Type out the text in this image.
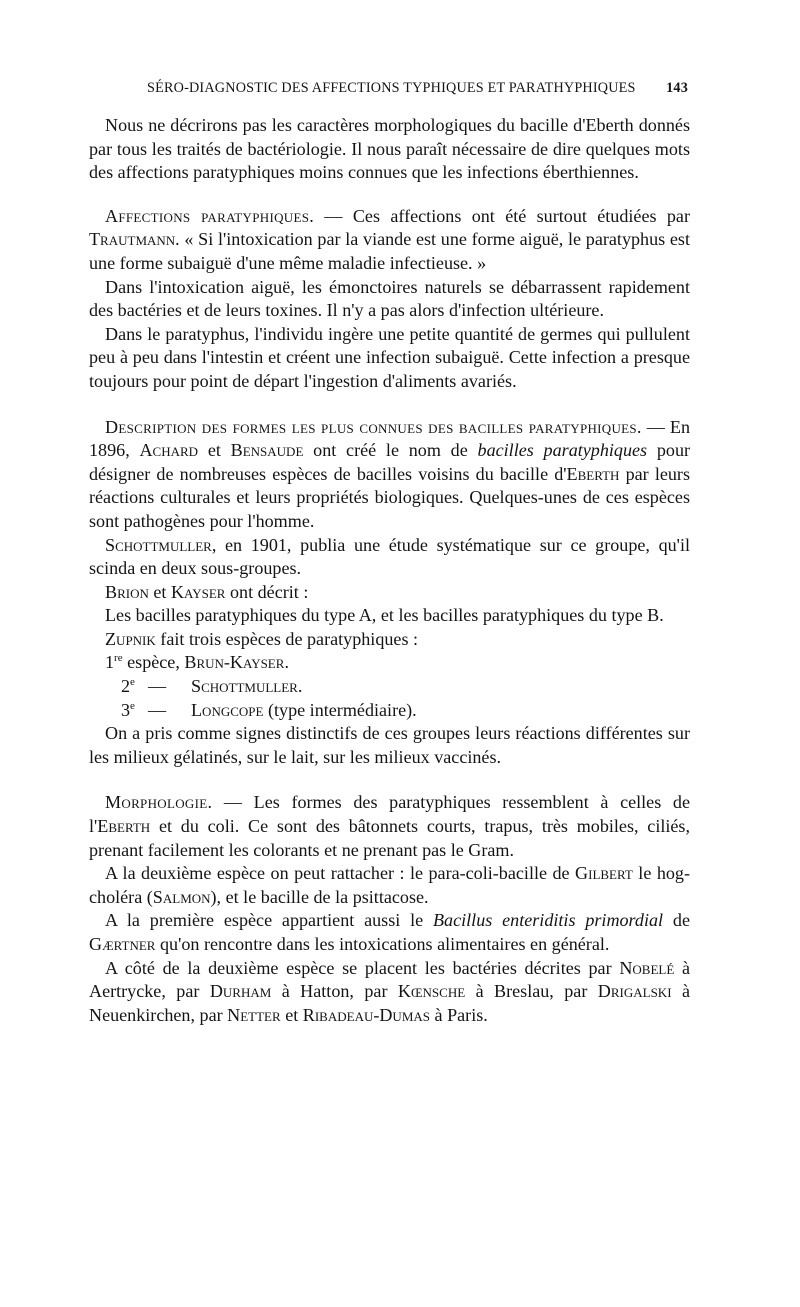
SÉRO-DIAGNOSTIC DES AFFECTIONS TYPHIQUES ET PARATHYPHIQUES 143

Nous ne décrirons pas les caractères morphologiques du bacille d'Eberth donnés par tous les traités de bactériologie. Il nous paraît nécessaire de dire quelques mots des affections paratyphiques moins connues que les infections éberthiennes.

Affections paratyphiques. — Ces affections ont été surtout étudiées par Trautmann. « Si l'intoxication par la viande est une forme aiguë, le paratyphus est une forme subaiguë d'une même maladie infectieuse. »

Dans l'intoxication aiguë, les émonctoires naturels se débarrassent rapidement des bactéries et de leurs toxines. Il n'y a pas alors d'infection ultérieure.

Dans le paratyphus, l'individu ingère une petite quantité de germes qui pullulent peu à peu dans l'intestin et créent une infection subaiguë. Cette infection a presque toujours pour point de départ l'ingestion d'aliments avariés.

Description des formes les plus connues des bacilles paratyphiques. — En 1896, Achard et Bensaude ont créé le nom de bacilles paratyphiques pour désigner de nombreuses espèces de bacilles voisins du bacille d'Eberth par leurs réactions culturales et leurs propriétés biologiques. Quelques-unes de ces espèces sont pathogènes pour l'homme.

Schottmuller, en 1901, publia une étude systématique sur ce groupe, qu'il scinda en deux sous-groupes.

Brion et Kayser ont décrit :

Les bacilles paratyphiques du type A, et les bacilles paratyphiques du type B.

Zupnik fait trois espèces de paratyphiques :

1re espèce, Brun-Kayser.

2e — Schottmuller.

3e — Longcope (type intermédiaire).

On a pris comme signes distinctifs de ces groupes leurs réactions différentes sur les milieux gélatinés, sur le lait, sur les milieux vaccinés.

Morphologie. — Les formes des paratyphiques ressemblent à celles de l'Eberth et du coli. Ce sont des bâtonnets courts, trapus, très mobiles, ciliés, prenant facilement les colorants et ne prenant pas le Gram.

A la deuxième espèce on peut rattacher : le para-coli-bacille de Gilbert le hog-choléra (Salmon), et le bacille de la psittacose.

A la première espèce appartient aussi le Bacillus enteriditis primordial de Gærtner qu'on rencontre dans les intoxications alimentaires en général.

A côté de la deuxième espèce se placent les bactéries décrites par Nobelé à Aertrycke, par Durham à Hatton, par Kœnsche à Breslau, par Drigalski à Neuenkirchen, par Netter et Ribadeau-Dumas à Paris.
